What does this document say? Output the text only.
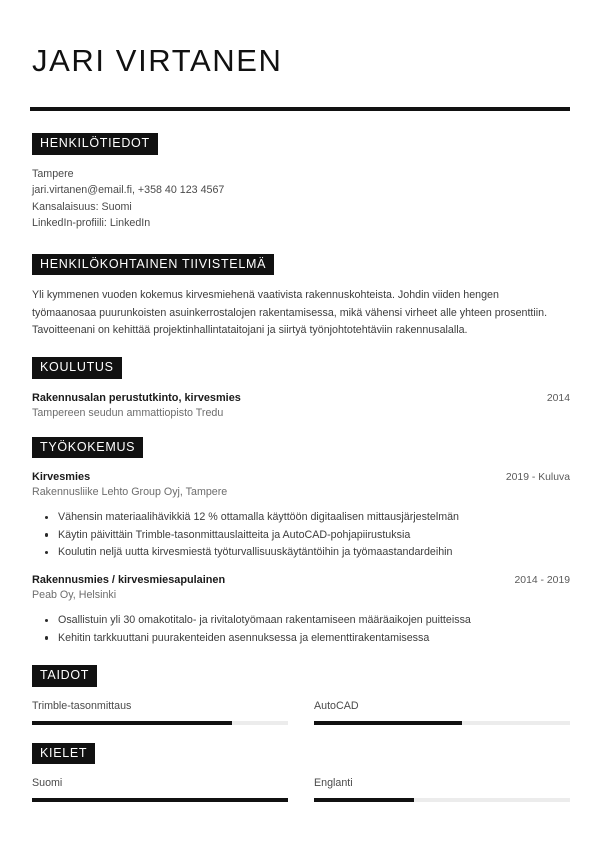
JARI VIRTANEN
HENKILÖTIEDOT
Tampere
jari.virtanen@email.fi, +358 40 123 4567
Kansalaisuus: Suomi
LinkedIn-profiili: LinkedIn
HENKILÖKOHTAINEN TIIVISTELMÄ

Yli kymmenen vuoden kokemus kirvesmiehenä vaativista rakennuskohteista. Johdin viiden hengen työmaanosaa puurunkoisten asuinkerrostalojen rakentamisessa, mikä vähensi virheet alle yhteen prosenttiin. Tavoitteenani on kehittää projektinhallintataitojani ja siirtyä työnjohtotehtäviin rakennusalalla.

KOULUTUS
Rakennusalan perustutkinto, kirvesmies	2014
Tampereen seudun ammattiopisto Tredu
TYÖKOKEMUS
Kirvesmies	2019 - Kuluva
Rakennusliike Lehto Group Oyj, Tampere
Vähensin materiaalihävikkiä 12 % ottamalla käyttöön digitaalisen mittausjärjestelmän
Käytin päivittäin Trimble-tasonmittauslaitteita ja AutoCAD-pohjapiirustuksia
Koulutin neljä uutta kirvesmiestä työturvallisuuskäytäntöihin ja työmaastandardeihin
Rakennusmies / kirvesmiesapulainen	2014 - 2019
Peab Oy, Helsinki
Osallistuin yli 30 omakotitalo- ja rivitalotyömaan rakentamiseen määräaikojen puitteissa
Kehitin tarkkuuttani puurakenteiden asennuksessa ja elementtirakentamisessa
TAIDOT
Trimble-tasonmittaus	AutoCAD
KIELET
Suomi	Englanti
